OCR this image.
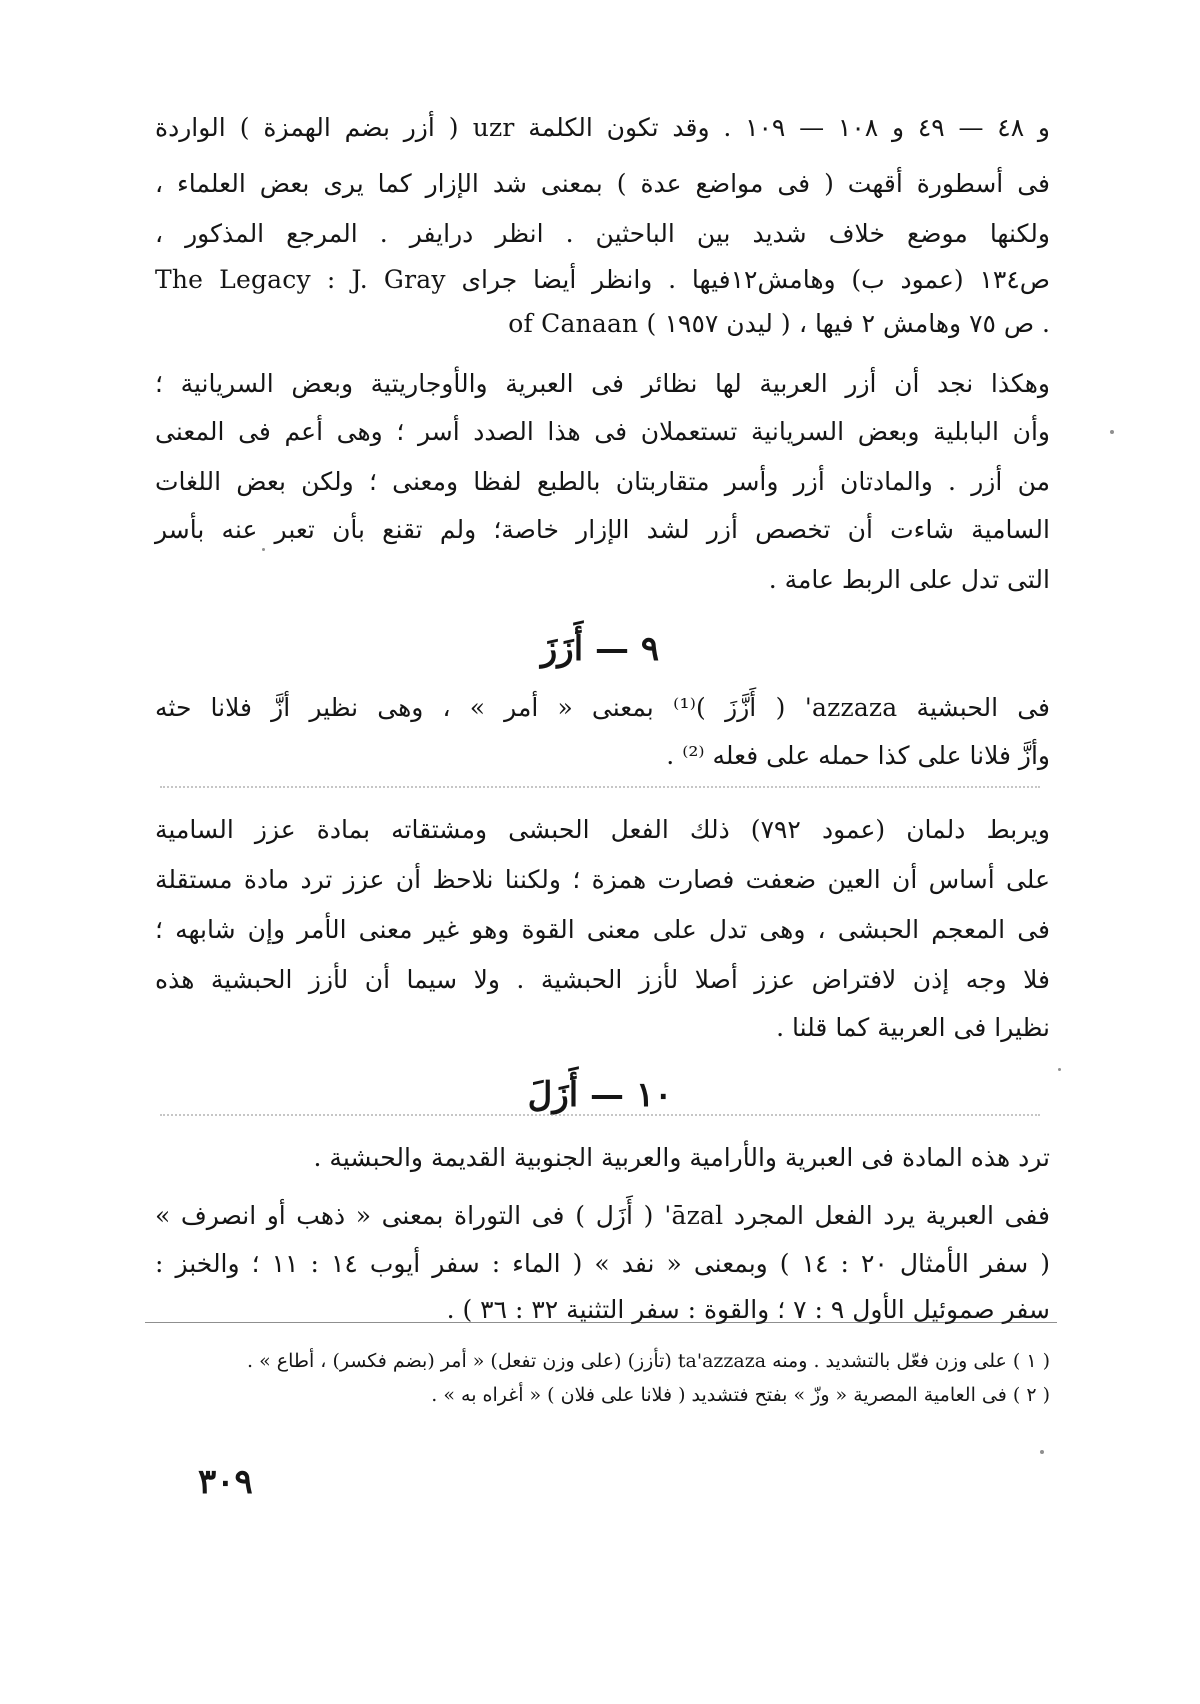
و ٤٨ — ٤٩ و ١٠٨ — ١٠٩ . وقد تكون الكلمة uzr ( أزر بضم الهمزة ) الواردة
فى أسطورة أقهت ( فى مواضع عدة ) بمعنى شد الإزار كما يرى بعض العلماء ،
ولكنها موضع خلاف شديد بين الباحثين . انظر درايفر . المرجع المذكور ،
ص١٣٤ (عمود ب) وهامش١٢فيها . وانظر أيضا جراى The Legacy : J. Gray
of Canaan ( ليدن ١٩٥٧ ) ، ص ٧٥ وهامش ٢ فيها .
وهكذا نجد أن أزر العربية لها نظائر فى العبرية والأوجاريتية وبعض السريانية ؛
وأن البابلية وبعض السريانية تستعملان فى هذا الصدد أسر ؛ وهى أعم فى المعنى
من أزر . والمادتان أزر وأسر متقاربتان بالطبع لفظا ومعنى ؛ ولكن بعض اللغات
السامية شاءت أن تخصص أزر لشد الإزار خاصة؛ ولم تقنع بأن تعبر عنه بأسر
التى تدل على الربط عامة .
٩ — أَزَزَ
فى الحبشية azzaza' ( أَزَّزَ )⁽¹⁾ بمعنى « أمر » ، وهى نظير أزَّ فلانا حثه
وأزَّ فلانا على كذا حمله على فعله ⁽²⁾ .
ويربط دلمان (عمود ٧٩٢) ذلك الفعل الحبشى ومشتقاته بمادة عزز السامية
على أساس أن العين ضعفت فصارت همزة ؛ ولكننا نلاحظ أن عزز ترد مادة مستقلة
فى المعجم الحبشى ، وهى تدل على معنى القوة وهو غير معنى الأمر وإن شابهه ؛
فلا وجه إذن لافتراض عزز أصلا لأزز الحبشية . ولا سيما أن لأزز الحبشية هذه
نظيرا فى العربية كما قلنا .
١٠ — أَزَلَ
ترد هذه المادة فى العبرية والأرامية والعربية الجنوبية القديمة والحبشية .
ففى العبرية يرد الفعل المجرد āzal' ( أَزَل ) فى التوراة بمعنى « ذهب أو انصرف »
( سفر الأمثال ٢٠ : ١٤ ) وبمعنى « نفد » ( الماء : سفر أيوب ١٤ : ١١ ؛ والخبز :
سفر صموئيل الأول ٩ : ٧ ؛ والقوة : سفر التثنية ٣٢ : ٣٦ ) .
( ١ ) على وزن فعّل بالتشديد . ومنه ta'azzaza (تأزز) (على وزن تفعل) « أمر (بضم فكسر) ، أطاع » .
( ٢ ) فى العامية المصرية « وزّ » بفتح فتشديد ( فلانا على فلان ) « أغراه به » .
٣٠٩
